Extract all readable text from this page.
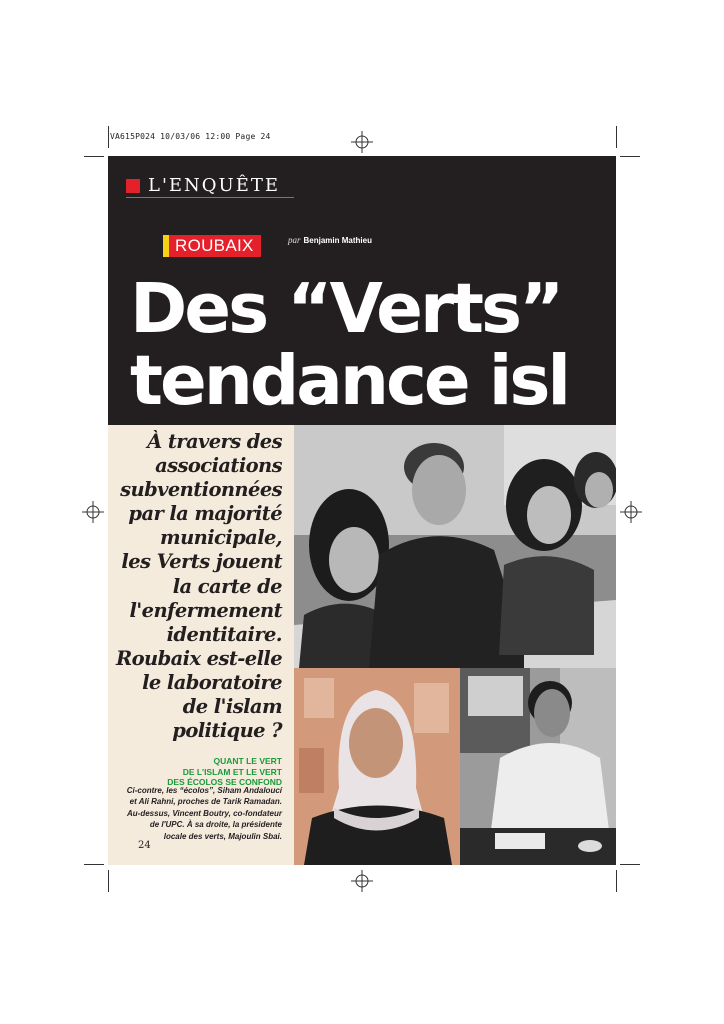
VA615P024 10/03/06 12:00 Page 24
L'ENQUÊTE
ROUBAIX	par Benjamin Mathieu
Des “Verts”
tendance isl

À travers des
associations
subventionnées
par la majorité
municipale,
les Verts jouent
la carte de
l'enfermement
identitaire.
Roubaix est-elle
le laboratoire
de l'islam
politique ?

QUANT LE VERT
DE L'ISLAM ET LE VERT
DES ÉCOLOS SE CONFOND

Ci-contre, les “écolos”, Siham Andaloucí
et Ali Rahni, proches de Tarik Ramadan.
Au-dessus, Vincent Boutry, co-fondateur
de l'UPC. À sa droite, la présidente
locale des verts, Majoulin Sbai.

24
